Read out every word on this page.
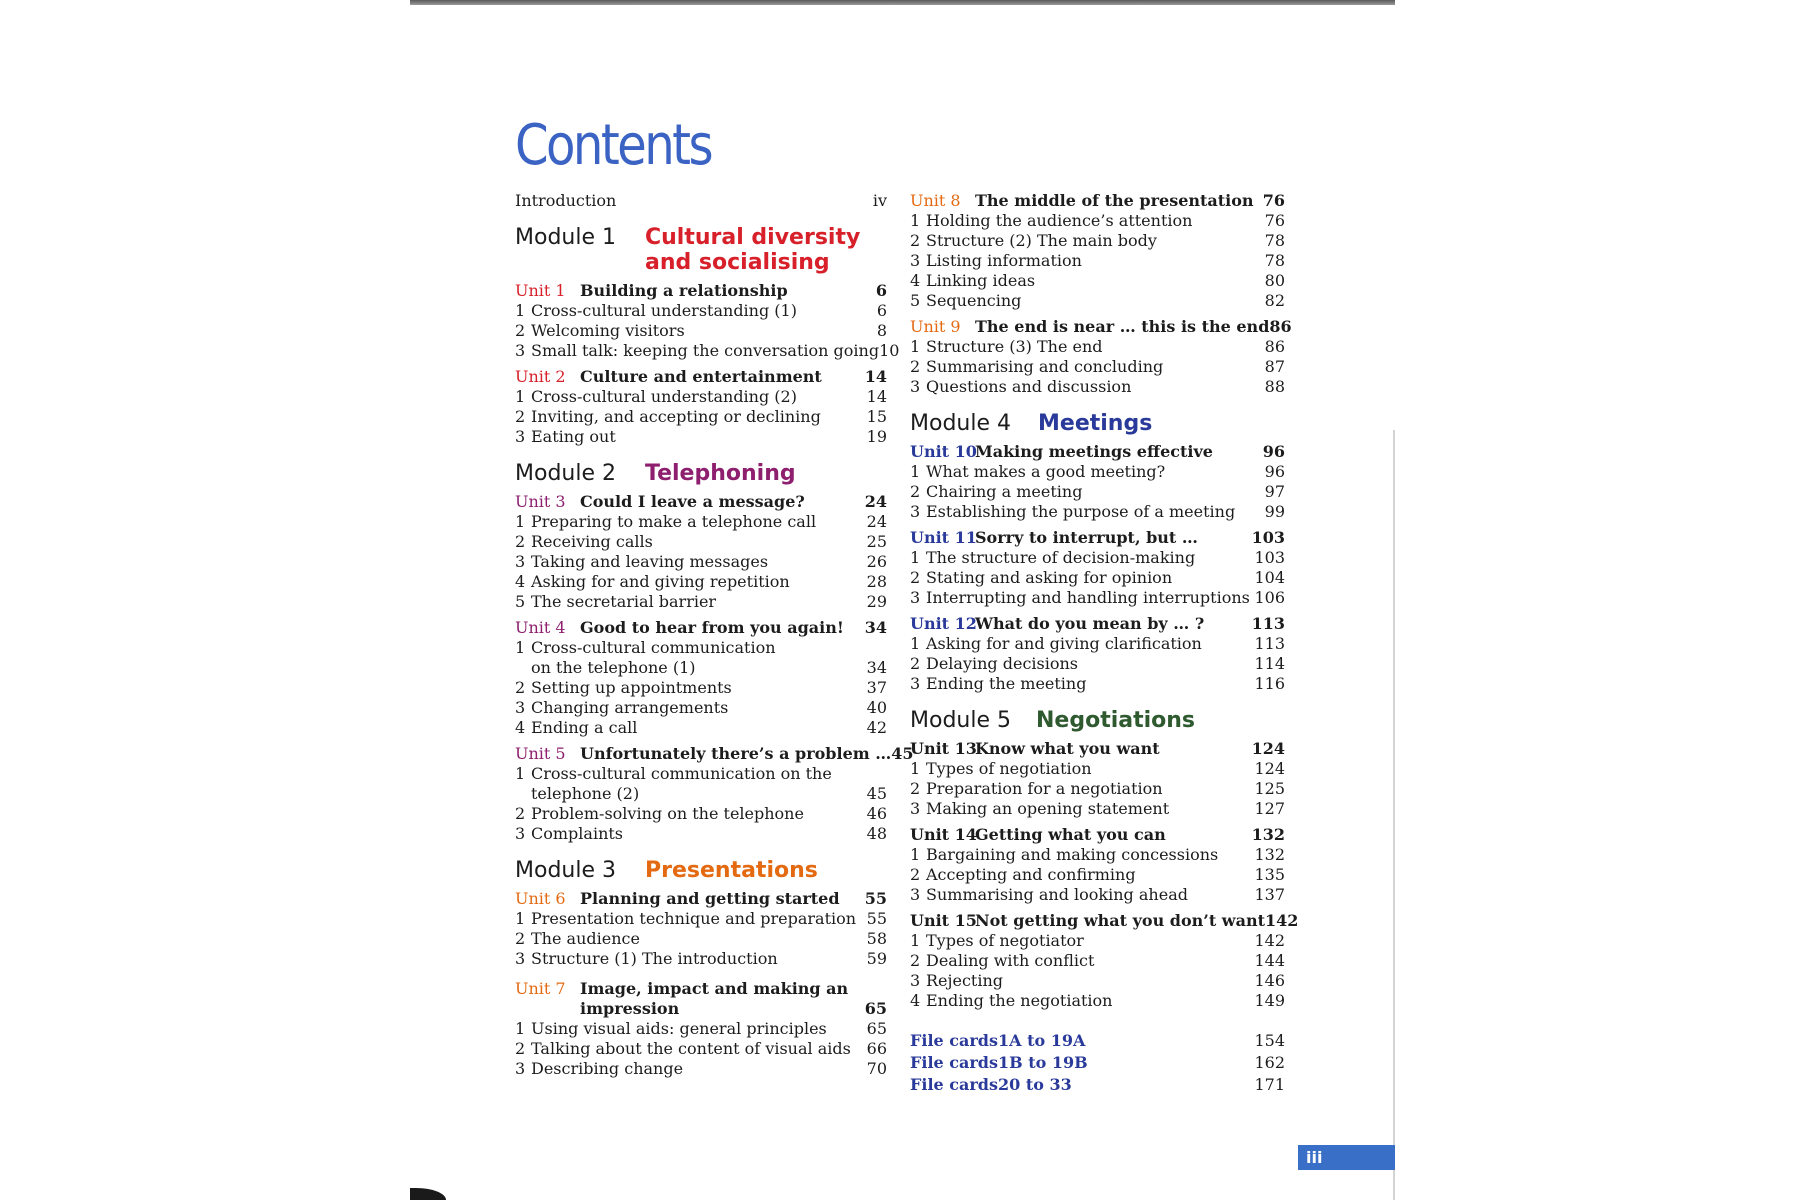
Contents
Introduction	iv
Module 1	Cultural diversity
and socialising
Unit 1 Building a relationship	6
1 Cross-cultural understanding (1)	6
2 Welcoming visitors	8
3 Small talk: keeping the conversation going 10
Unit 2 Culture and entertainment	14
1 Cross-cultural understanding (2)	14
2 Inviting, and accepting or declining	15
3 Eating out	19
Module 2	Telephoning
Unit 3 Could I leave a message?	24
1 Preparing to make a telephone call	24
2 Receiving calls	25
3 Taking and leaving messages	26
4 Asking for and giving repetition	28
5 The secretarial barrier	29
Unit 4 Good to hear from you again!	34
1 Cross-cultural communication
on the telephone (1)	34
2 Setting up appointments	37
3 Changing arrangements	40
4 Ending a call	42
Unit 5 Unfortunately there’s a problem … 45
1 Cross-cultural communication on the
telephone (2)	45
2 Problem-solving on the telephone	46
3 Complaints	48
Module 3	Presentations
Unit 6 Planning and getting started	55
1 Presentation technique and preparation 55
2 The audience	58
3 Structure (1) The introduction	59
Unit 7 Image, impact and making an
impression	65
1 Using visual aids: general principles	65
2 Talking about the content of visual aids 66
3 Describing change	70
Unit 8 The middle of the presentation 76
1 Holding the audience’s attention	76
2 Structure (2) The main body	78
3 Listing information	78
4 Linking ideas	80
5 Sequencing	82
Unit 9 The end is near … this is the end 86
1 Structure (3) The end	86
2 Summarising and concluding	87
3 Questions and discussion	88
Module 4	Meetings
Unit 10Making meetings effective	96
1 What makes a good meeting?	96
2 Chairing a meeting	97
3 Establishing the purpose of a meeting	99
Unit 11Sorry to interrupt, but …	103
1 The structure of decision-making	103
2 Stating and asking for opinion	104
3 Interrupting and handling interruptions 106
Unit 12What do you mean by … ?	113
1 Asking for and giving clarification	113
2 Delaying decisions	114
3 Ending the meeting	116
Module 5	Negotiations
Unit 13Know what you want	124
1 Types of negotiation	124
2 Preparation for a negotiation	125
3 Making an opening statement	127
Unit 14Getting what you can	132
1 Bargaining and making concessions	132
2 Accepting and confirming	135
3 Summarising and looking ahead	137
Unit 15Not getting what you don’t want 142
1 Types of negotiator	142
2 Dealing with conflict	144
3 Rejecting	146
4 Ending the negotiation	149
File cards1A to 19A	154
File cards1B to 19B	162
File cards20 to 33	171
iii
